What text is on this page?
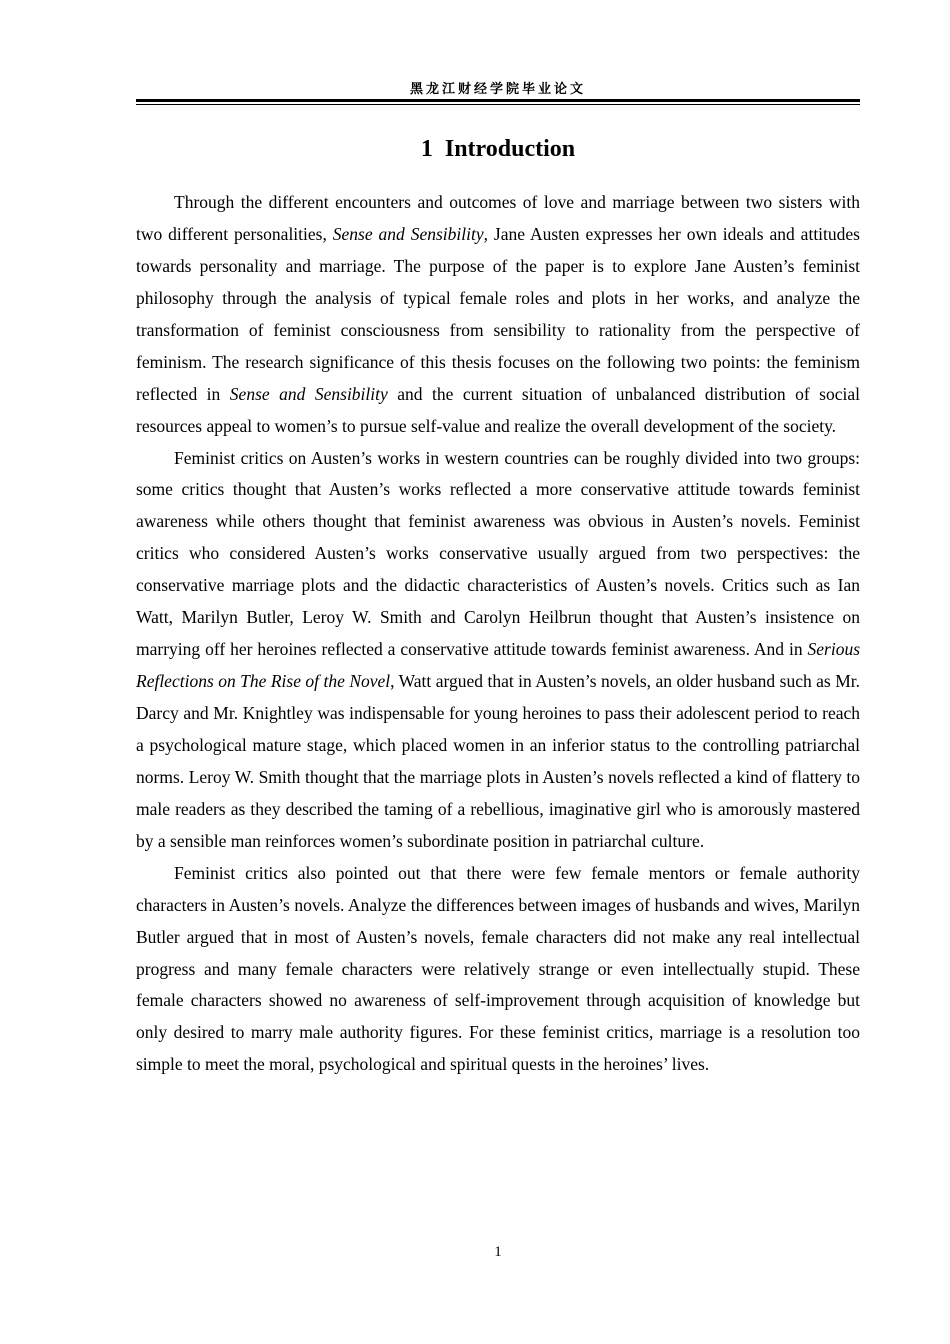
黑龙江财经学院毕业论文
1 Introduction

Through the different encounters and outcomes of love and marriage between two sisters with two different personalities, Sense and Sensibility, Jane Austen expresses her own ideals and attitudes towards personality and marriage. The purpose of the paper is to explore Jane Austen’s feminist philosophy through the analysis of typical female roles and plots in her works, and analyze the transformation of feminist consciousness from sensibility to rationality from the perspective of feminism. The research significance of this thesis focuses on the following two points: the feminism reflected in Sense and Sensibility and the current situation of unbalanced distribution of social resources appeal to women’s to pursue self-value and realize the overall development of the society.

Feminist critics on Austen’s works in western countries can be roughly divided into two groups: some critics thought that Austen’s works reflected a more conservative attitude towards feminist awareness while others thought that feminist awareness was obvious in Austen’s novels. Feminist critics who considered Austen’s works conservative usually argued from two perspectives: the conservative marriage plots and the didactic characteristics of Austen’s novels. Critics such as Ian Watt, Marilyn Butler, Leroy W. Smith and Carolyn Heilbrun thought that Austen’s insistence on marrying off her heroines reflected a conservative attitude towards feminist awareness. And in Serious Reflections on The Rise of the Novel, Watt argued that in Austen’s novels, an older husband such as Mr. Darcy and Mr. Knightley was indispensable for young heroines to pass their adolescent period to reach a psychological mature stage, which placed women in an inferior status to the controlling patriarchal norms. Leroy W. Smith thought that the marriage plots in Austen’s novels reflected a kind of flattery to male readers as they described the taming of a rebellious, imaginative girl who is amorously mastered by a sensible man reinforces women’s subordinate position in patriarchal culture.

Feminist critics also pointed out that there were few female mentors or female authority characters in Austen’s novels. Analyze the differences between images of husbands and wives, Marilyn Butler argued that in most of Austen’s novels, female characters did not make any real intellectual progress and many female characters were relatively strange or even intellectually stupid. These female characters showed no awareness of self-improvement through acquisition of knowledge but only desired to marry male authority figures. For these feminist critics, marriage is a resolution too simple to meet the moral, psychological and spiritual quests in the heroines’ lives.

1
